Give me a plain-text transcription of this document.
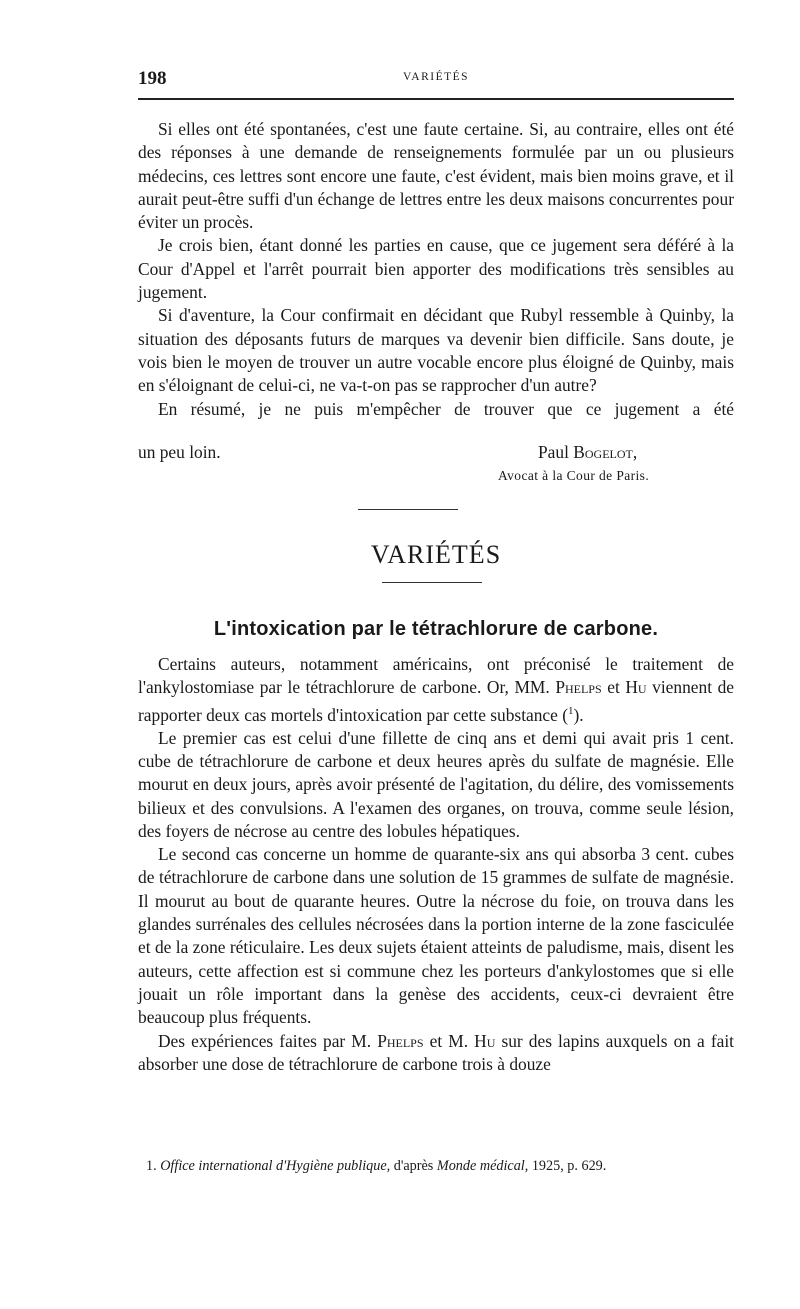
198	VARIÉTÉS

Si elles ont été spontanées, c'est une faute certaine. Si, au contraire, elles ont été des réponses à une demande de renseignements formulée par un ou plusieurs médecins, ces lettres sont encore une faute, c'est évident, mais bien moins grave, et il aurait peut-être suffi d'un échange de lettres entre les deux maisons concurrentes pour éviter un procès.

Je crois bien, étant donné les parties en cause, que ce jugement sera déféré à la Cour d'Appel et l'arrêt pourrait bien apporter des modifications très sensibles au jugement.

Si d'aventure, la Cour confirmait en décidant que Rubyl ressemble à Quinby, la situation des déposants futurs de marques va devenir bien difficile. Sans doute, je vois bien le moyen de trouver un autre vocable encore plus éloigné de Quinby, mais en s'éloignant de celui-ci, ne va-t-on pas se rapprocher d'un autre?

En résumé, je ne puis m'empêcher de trouver que ce jugement a été

un peu loin.	Paul Bogelot,
Avocat à la Cour de Paris.
VARIÉTÉS
L'intoxication par le tétrachlorure de carbone.

Certains auteurs, notamment américains, ont préconisé le traitement de l'ankylostomiase par le tétrachlorure de carbone. Or, MM. Phelps et Hu viennent de rapporter deux cas mortels d'intoxication par cette substance ($^1$).

Le premier cas est celui d'une fillette de cinq ans et demi qui avait pris 1 cent. cube de tétrachlorure de carbone et deux heures après du sulfate de magnésie. Elle mourut en deux jours, après avoir présenté de l'agitation, du délire, des vomissements bilieux et des convulsions. A l'examen des organes, on trouva, comme seule lésion, des foyers de nécrose au centre des lobules hépatiques.

Le second cas concerne un homme de quarante-six ans qui absorba 3 cent. cubes de tétrachlorure de carbone dans une solution de 15 grammes de sulfate de magnésie. Il mourut au bout de quarante heures. Outre la nécrose du foie, on trouva dans les glandes surrénales des cellules nécrosées dans la portion interne de la zone fasciculée et de la zone réticulaire. Les deux sujets étaient atteints de paludisme, mais, disent les auteurs, cette affection est si commune chez les porteurs d'ankylostomes que si elle jouait un rôle important dans la genèse des accidents, ceux-ci devraient être beaucoup plus fréquents.

Des expériences faites par M. Phelps et M. Hu sur des lapins auxquels on a fait absorber une dose de tétrachlorure de carbone trois à douze

1. Office international d'Hygiène publique, d'après Monde médical, 1925, p. 629.
